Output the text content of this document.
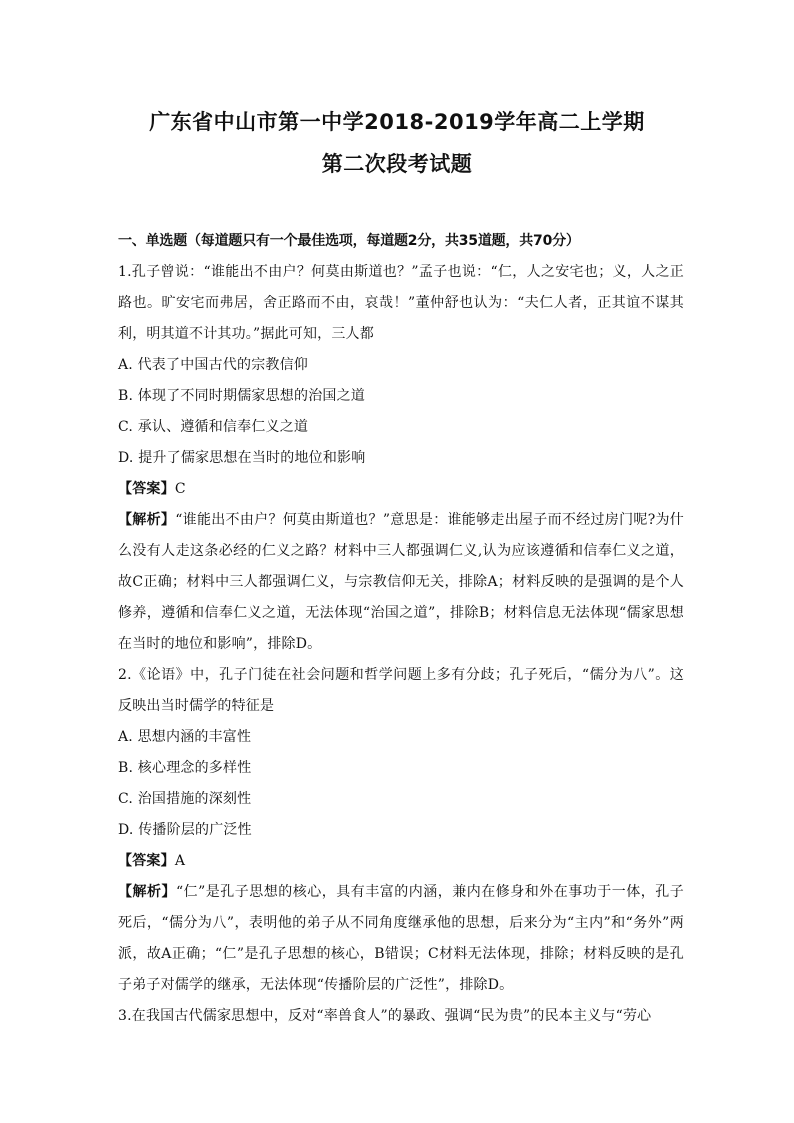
广东省中山市第一中学2018-2019学年高二上学期
第二次段考试题
一、单选题（每道题只有一个最佳选项，每道题2分，共35道题，共70分）
1.孔子曾说：“谁能出不由户？何莫由斯道也？”孟子也说：“仁，人之安宅也；义，人之正路也。旷安宅而弗居，舍正路而不由，哀哉！”董仲舒也认为：“夫仁人者，正其谊不谋其利，明其道不计其功。”据此可知，三人都
A. 代表了中国古代的宗教信仰
B. 体现了不同时期儒家思想的治国之道
C. 承认、遵循和信奉仁义之道
D. 提升了儒家思想在当时的地位和影响
【答案】C
【解析】“谁能出不由户？何莫由斯道也？”意思是：谁能够走出屋子而不经过房门呢?为什么没有人走这条必经的仁义之路？材料中三人都强调仁义,认为应该遵循和信奉仁义之道，故C正确；材料中三人都强调仁义，与宗教信仰无关，排除A；材料反映的是强调的是个人修养，遵循和信奉仁义之道，无法体现“治国之道”，排除B；材料信息无法体现“儒家思想在当时的地位和影响”，排除D。
2.《论语》中，孔子门徒在社会问题和哲学问题上多有分歧；孔子死后，“儒分为八”。这反映出当时儒学的特征是
A. 思想内涵的丰富性
B. 核心理念的多样性
C. 治国措施的深刻性
D. 传播阶层的广泛性
【答案】A
【解析】“仁”是孔子思想的核心，具有丰富的内涵，兼内在修身和外在事功于一体，孔子死后，“儒分为八”，表明他的弟子从不同角度继承他的思想，后来分为“主内”和“务外”两派，故A正确；“仁”是孔子思想的核心，B错误；C材料无法体现，排除；材料反映的是孔子弟子对儒学的继承，无法体现“传播阶层的广泛性”，排除D。
3.在我国古代儒家思想中，反对“率兽食人”的暴政、强调“民为贵”的民本主义与“劳心
